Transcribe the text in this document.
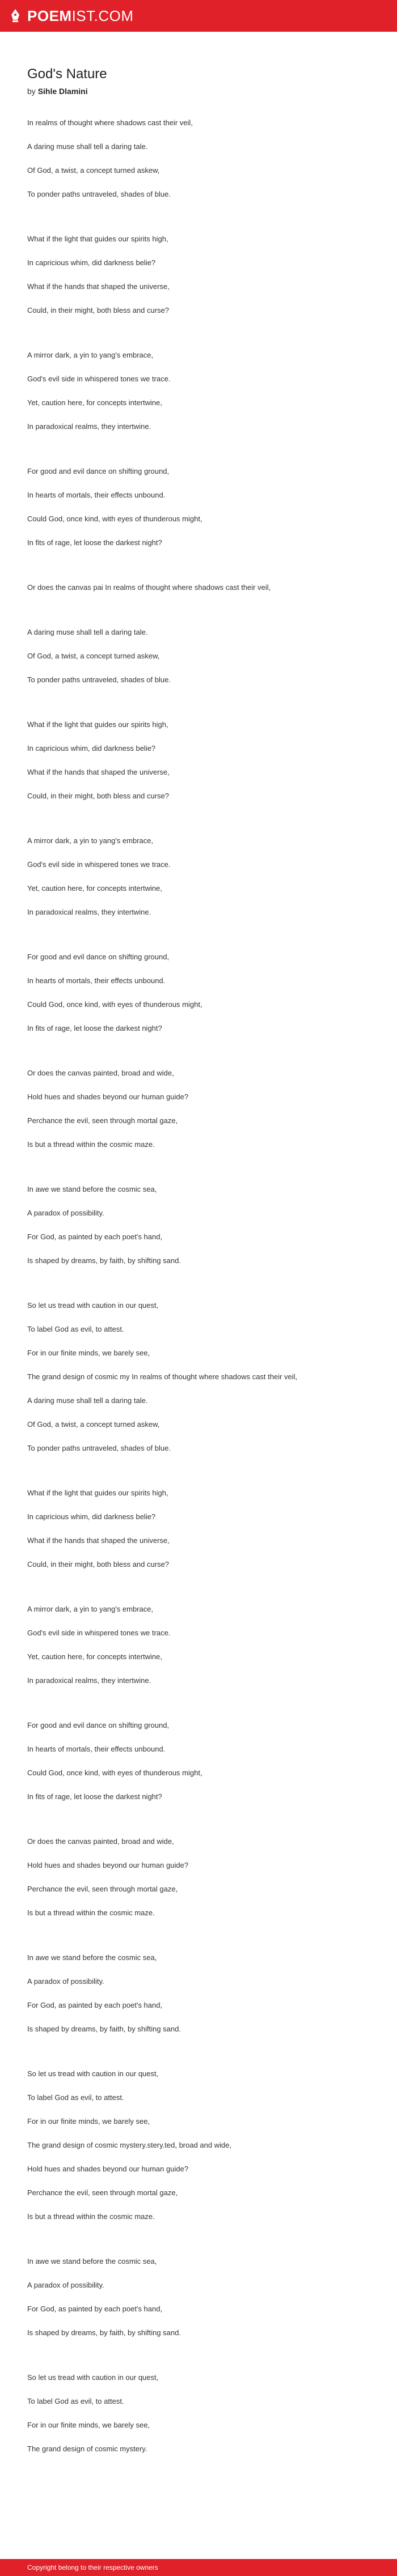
POEMIST.COM
God's Nature
by Sihle Dlamini
In realms of thought where shadows cast their veil,
A daring muse shall tell a daring tale.
Of God, a twist, a concept turned askew,
To ponder paths untraveled, shades of blue.
What if the light that guides our spirits high,
In capricious whim, did darkness belie?
What if the hands that shaped the universe,
Could, in their might, both bless and curse?
A mirror dark, a yin to yang's embrace,
God's evil side in whispered tones we trace.
Yet, caution here, for concepts intertwine,
In paradoxical realms, they intertwine.
For good and evil dance on shifting ground,
In hearts of mortals, their effects unbound.
Could God, once kind, with eyes of thunderous might,
In fits of rage, let loose the darkest night?
Or does the canvas pai In realms of thought where shadows cast their veil,
A daring muse shall tell a daring tale.
Of God, a twist, a concept turned askew,
To ponder paths untraveled, shades of blue.
What if the light that guides our spirits high,
In capricious whim, did darkness belie?
What if the hands that shaped the universe,
Could, in their might, both bless and curse?
A mirror dark, a yin to yang's embrace,
God's evil side in whispered tones we trace.
Yet, caution here, for concepts intertwine,
In paradoxical realms, they intertwine.
For good and evil dance on shifting ground,
In hearts of mortals, their effects unbound.
Could God, once kind, with eyes of thunderous might,
In fits of rage, let loose the darkest night?
Or does the canvas painted, broad and wide,
Hold hues and shades beyond our human guide?
Perchance the evil, seen through mortal gaze,
Is but a thread within the cosmic maze.
In awe we stand before the cosmic sea,
A paradox of possibility.
For God, as painted by each poet's hand,
Is shaped by dreams, by faith, by shifting sand.
So let us tread with caution in our quest,
To label God as evil, to attest.
For in our finite minds, we barely see,
The grand design of cosmic my In realms of thought where shadows cast their veil,
A daring muse shall tell a daring tale.
Of God, a twist, a concept turned askew,
To ponder paths untraveled, shades of blue.
What if the light that guides our spirits high,
In capricious whim, did darkness belie?
What if the hands that shaped the universe,
Could, in their might, both bless and curse?
A mirror dark, a yin to yang's embrace,
God's evil side in whispered tones we trace.
Yet, caution here, for concepts intertwine,
In paradoxical realms, they intertwine.
For good and evil dance on shifting ground,
In hearts of mortals, their effects unbound.
Could God, once kind, with eyes of thunderous might,
In fits of rage, let loose the darkest night?
Or does the canvas painted, broad and wide,
Hold hues and shades beyond our human guide?
Perchance the evil, seen through mortal gaze,
Is but a thread within the cosmic maze.
In awe we stand before the cosmic sea,
A paradox of possibility.
For God, as painted by each poet's hand,
Is shaped by dreams, by faith, by shifting sand.
So let us tread with caution in our quest,
To label God as evil, to attest.
For in our finite minds, we barely see,
The grand design of cosmic mystery.stery.ted, broad and wide,
Hold hues and shades beyond our human guide?
Perchance the evil, seen through mortal gaze,
Is but a thread within the cosmic maze.
In awe we stand before the cosmic sea,
A paradox of possibility.
For God, as painted by each poet's hand,
Is shaped by dreams, by faith, by shifting sand.
So let us tread with caution in our quest,
To label God as evil, to attest.
For in our finite minds, we barely see,
The grand design of cosmic mystery.
Copyright belong to their respective owners
